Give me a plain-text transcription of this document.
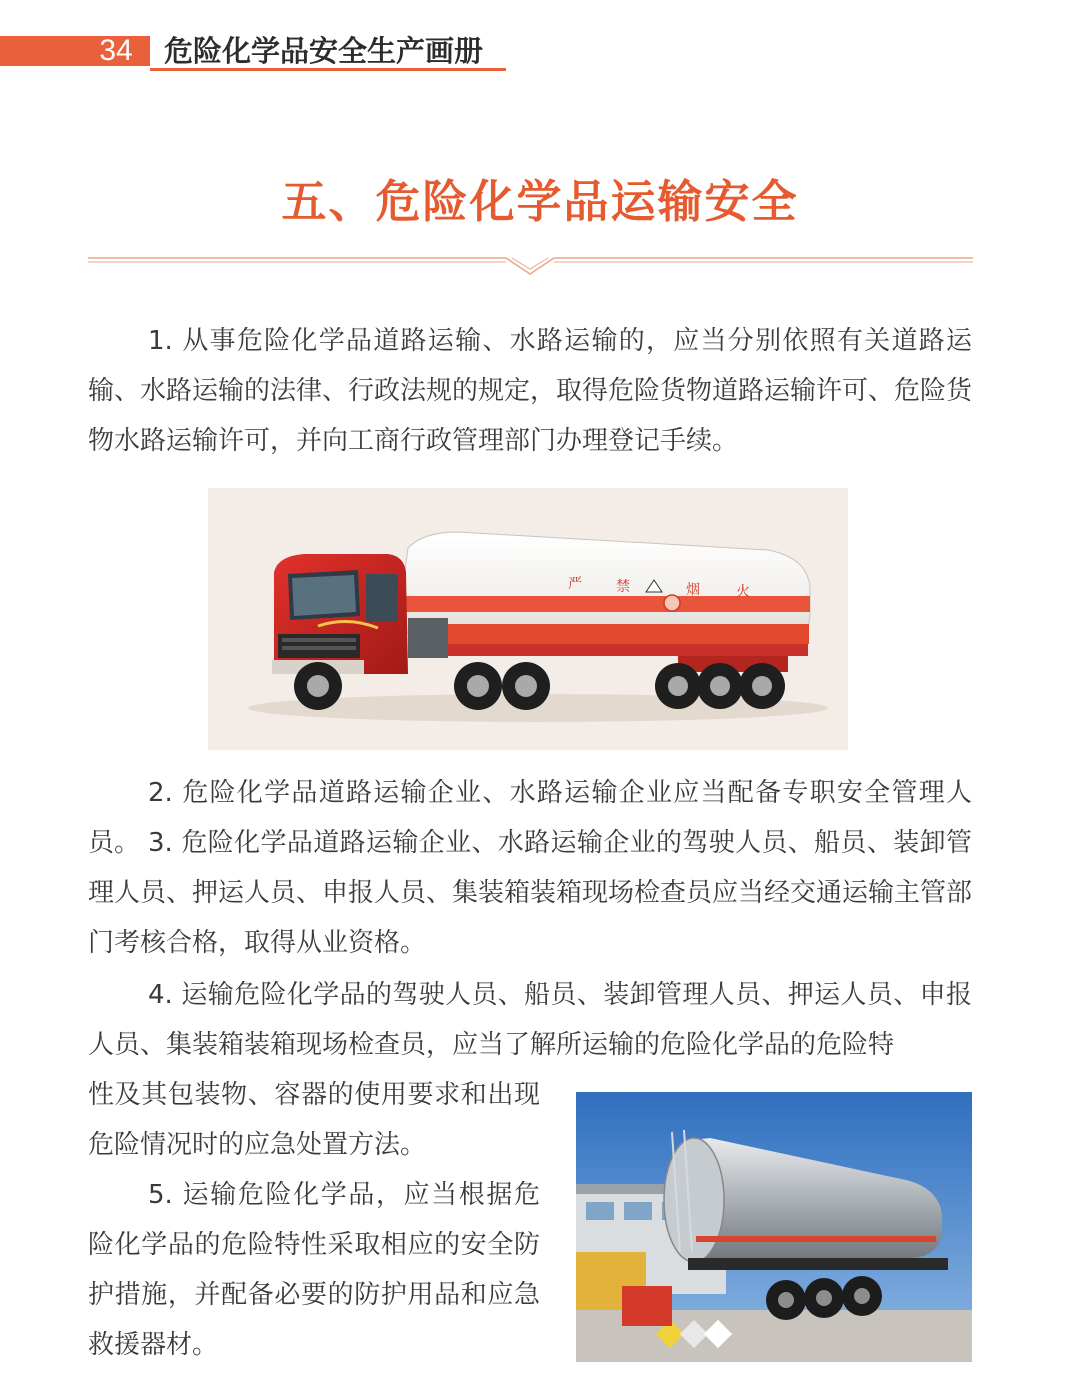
34	危险化学品安全生产画册
五、危险化学品运输安全
1. 从事危险化学品道路运输、水路运输的，应当分别依照有关道路运输、水路运输的法律、行政法规的规定，取得危险货物道路运输许可、危险货物水路运输许可，并向工商行政管理部门办理登记手续。
严 禁	烟	火
2. 危险化学品道路运输企业、水路运输企业应当配备专职安全管理人员。 3. 危险化学品道路运输企业、水路运输企业的驾驶人员、船员、装卸管理人员、押运人员、申报人员、集装箱装箱现场检查员应当经交通运输主管部门考核合格，取得从业资格。
4. 运输危险化学品的驾驶人员、船员、装卸管理人员、押运人员、申报人员、集装箱装箱现场检查员，应当了解所运输的危险化学品的危险特
性及其包装物、容器的使用要求和出现危险情况时的应急处置方法。
5. 运输危险化学品，应当根据危险化学品的危险特性采取相应的安全防护措施，并配备必要的防护用品和应急救援器材。
